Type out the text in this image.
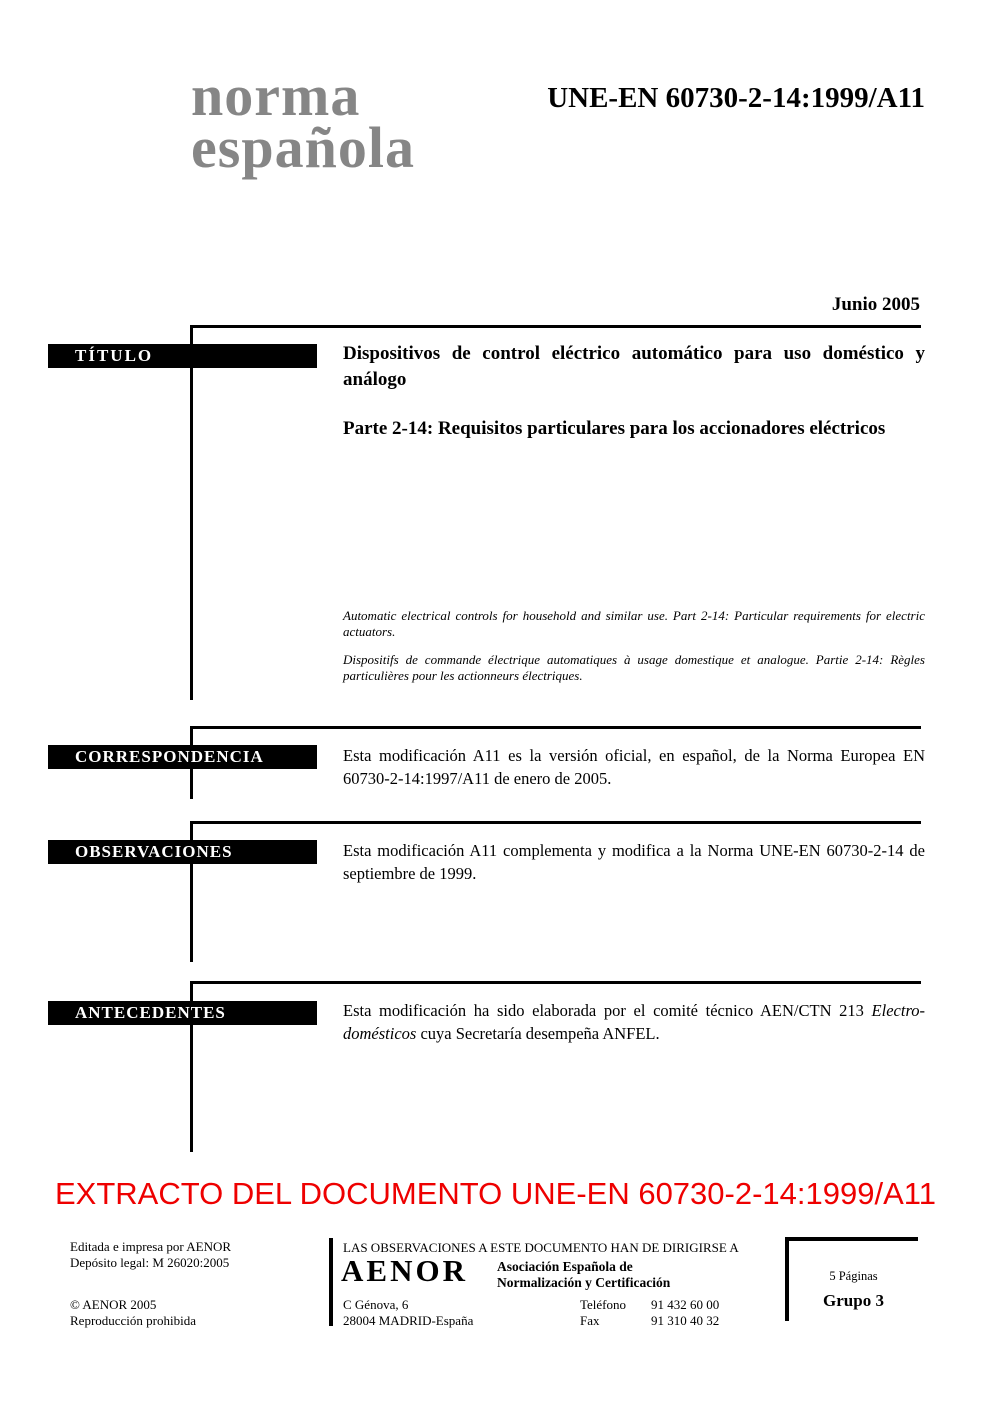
norma
española
UNE-EN 60730-2-14:1999/A11
Junio 2005
TÍTULO
CORRESPONDENCIA
OBSERVACIONES
ANTECEDENTES
Dispositivos de control eléctrico automático para uso doméstico y análogo
Parte 2-14: Requisitos particulares para los accionadores eléctricos
Automatic electrical controls for household and similar use. Part 2-14: Particular requirements for electric actuators.
Dispositifs de commande électrique automatiques à usage domestique et analogue. Partie 2-14: Règles particulières pour les actionneurs électriques.
Esta modificación A11 es la versión oficial, en español, de la Norma Europea EN 60730-2-14:1997/A11 de enero de 2005.
Esta modificación A11 complementa y modifica a la Norma UNE-EN 60730-2-14 de septiembre de 1999.
Esta modificación ha sido elaborada por el comité técnico AEN/CTN 213 Electro-domésticos cuya Secretaría desempeña ANFEL.
EXTRACTO DEL DOCUMENTO UNE-EN 60730-2-14:1999/A11
Editada e impresa por AENOR
Depósito legal: M 26020:2005
© AENOR 2005
Reproducción prohibida
LAS OBSERVACIONES A ESTE DOCUMENTO HAN DE DIRIGIRSE A
AENOR Asociación Española de
Normalización y Certificación
C Génova, 6
28004 MADRID-España
Teléfono 91 432 60 00
Fax	91 310 40 32
5 Páginas
Grupo 3
